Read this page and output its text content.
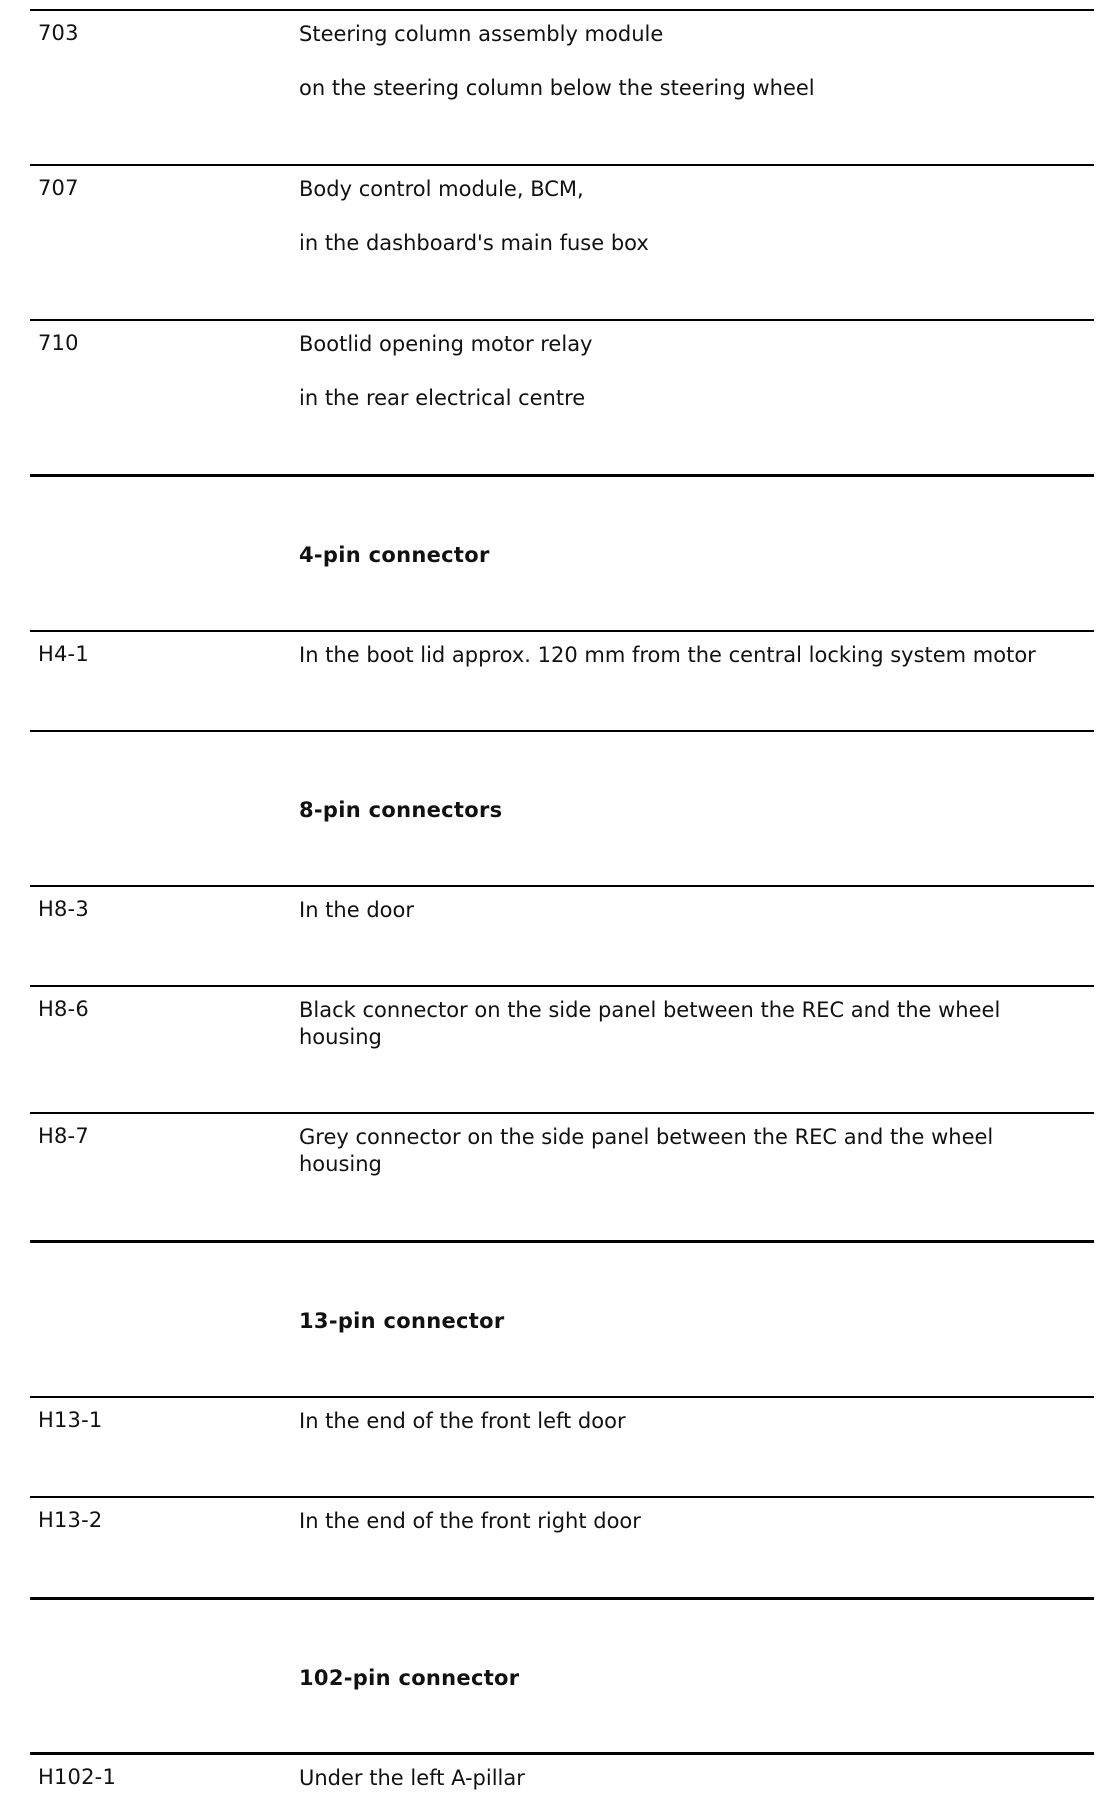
703	Steering column assembly module
on the steering column below the steering wheel
707	Body control module, BCM,
in the dashboard's main fuse box
710	Bootlid opening motor relay
in the rear electrical centre
4-pin connector
H4-1	In the boot lid approx. 120 mm from the central locking system motor
8-pin connectors
H8-3	In the door
H8-6	Black connector on the side panel between the REC and the wheel housing
H8-7	Grey connector on the side panel between the REC and the wheel housing
13-pin connector
H13-1	In the end of the front left door
H13-2	In the end of the front right door
102-pin connector
H102-1	Under the left A-pillar
